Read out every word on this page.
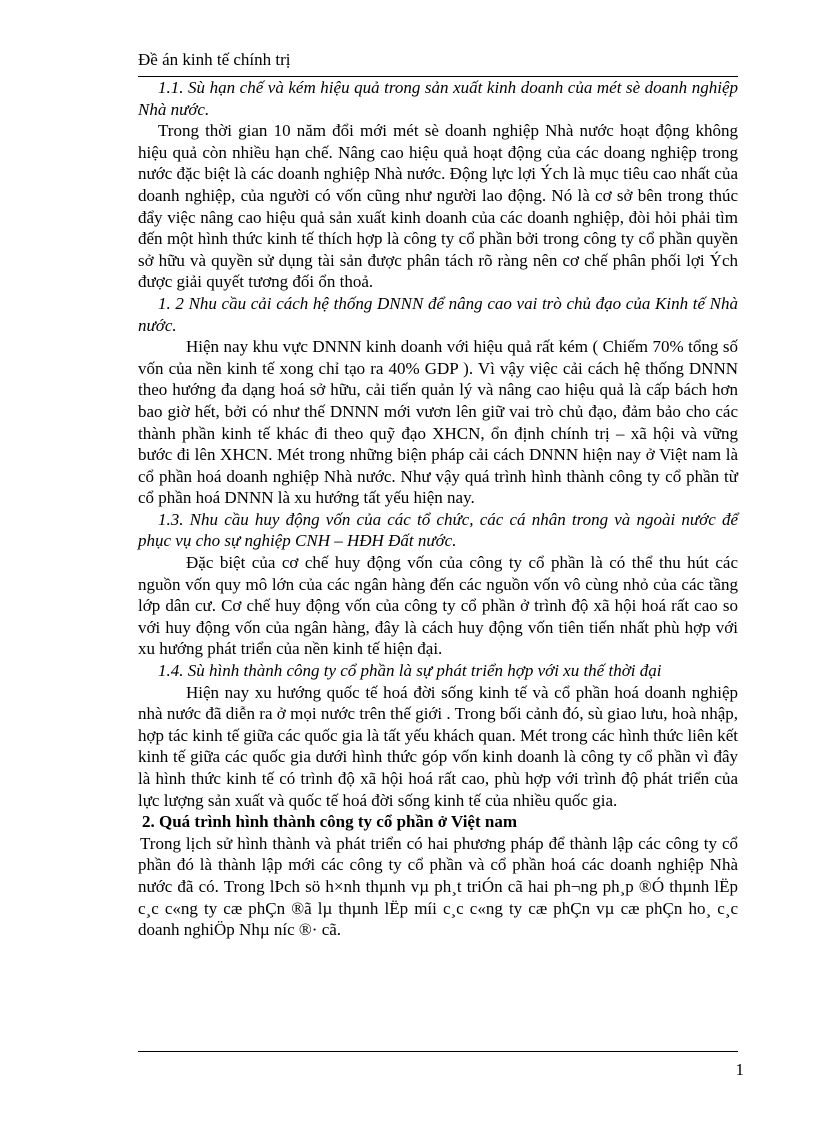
Đề án kinh tế chính trị

1.1. Sù hạn chế và kém hiệu quả trong sản xuất kinh doanh của mét sè doanh nghiệp Nhà nước.

Trong thời gian 10 năm đổi mới mét sè doanh nghiệp Nhà nước hoạt động không hiệu quả còn nhiều hạn chế. Nâng cao hiệu quả hoạt động của các doang nghiệp trong nước đặc biệt là các doanh nghiệp Nhà nước. Động lực lợi Ých là mục tiêu cao nhất của doanh nghiệp, của người có vốn cũng như người lao động. Nó là cơ sở bên trong thúc đẩy việc nâng cao hiệu quả sản xuất kinh doanh của các doanh nghiệp, đòi hỏi phải tìm đến một hình thức kinh tế thích hợp là công ty cổ phần bởi trong công ty cổ phần quyền sở hữu và quyền sử dụng tài sản được phân tách rõ ràng nên cơ chế phân phối lợi Ých được giải quyết tương đối ổn thoả.

1. 2 Nhu cầu cải cách hệ thống DNNN để nâng cao vai trò chủ đạo của Kinh tế Nhà nước.

Hiện nay khu vực DNNN kinh doanh với hiệu quả rất kém ( Chiếm 70% tổng số vốn của nền kinh tế xong chỉ tạo ra 40% GDP ). Vì vậy việc cải cách hệ thống DNNN theo hướng đa dạng hoá sở hữu, cải tiến quản lý và nâng cao hiệu quả là cấp bách hơn bao giờ hết, bởi có như thế DNNN mới vươn lên giữ vai trò chủ đạo, đảm bảo cho các thành phần kinh tế khác đi theo quỹ đạo XHCN, ổn định chính trị – xã hội và vững bước đi lên XHCN. Mét trong những biện pháp cải cách DNNN hiện nay ở Việt nam là cổ phần hoá doanh nghiệp Nhà nước. Như vậy quá trình hình thành công ty cổ phần từ cổ phần hoá DNNN là xu hướng tất yếu hiện nay.

1.3. Nhu cầu huy động vốn của các tổ chức, các cá nhân trong và ngoài nước để phục vụ cho sự nghiệp CNH – HĐH Đất nước.

Đặc biệt của cơ chế huy động vốn của công ty cổ phần là có thể thu hút các nguồn vốn quy mô lớn của các ngân hàng đến các nguồn vốn vô cùng nhỏ của các tầng lớp dân cư. Cơ chế huy động vốn của công ty cổ phần ở trình độ xã hội hoá rất cao so với huy động vốn của ngân hàng, đây là cách huy động vốn tiên tiến nhất phù hợp với xu hướng phát triển của nền kinh tế hiện đại.

1.4. Sù hình thành công ty cổ phần là sự phát triển hợp với xu thế thời đại

Hiện nay xu hướng quốc tế hoá đời sống kinh tế và cổ phần hoá doanh nghiệp nhà nước đã diễn ra ở mọi nước trên thế giới . Trong bối cảnh đó, sù giao lưu, hoà nhập, hợp tác kinh tế giữa các quốc gia là tất yếu khách quan. Mét trong các hình thức liên kết kinh tế giữa các quốc gia dưới hình thức góp vốn kinh doanh là công ty cổ phần vì đây là hình thức kinh tế có trình độ xã hội hoá rất cao, phù hợp với trình độ phát triển của lực lượng sản xuất và quốc tế hoá đời sống kinh tế của nhiều quốc gia.

2. Quá trình hình thành công ty cổ phần ở Việt nam

Trong lịch sử hình thành và phát triển có hai phương pháp để thành lập các công ty cổ phần đó là thành lập mới các công ty cổ phần và cổ phần hoá các doanh nghiệp Nhà nước đã có. Trong lÞch sö h×nh thµnh vµ ph¸t triÓn cã hai ph¬ng ph¸p ®Ó thµnh lËp c¸c c«ng ty cæ phÇn ®ã lµ thµnh lËp míi c¸c c«ng ty cæ phÇn vµ cæ phÇn ho¸ c¸c doanh nghiÖp Nhµ níc ®· cã.

1
